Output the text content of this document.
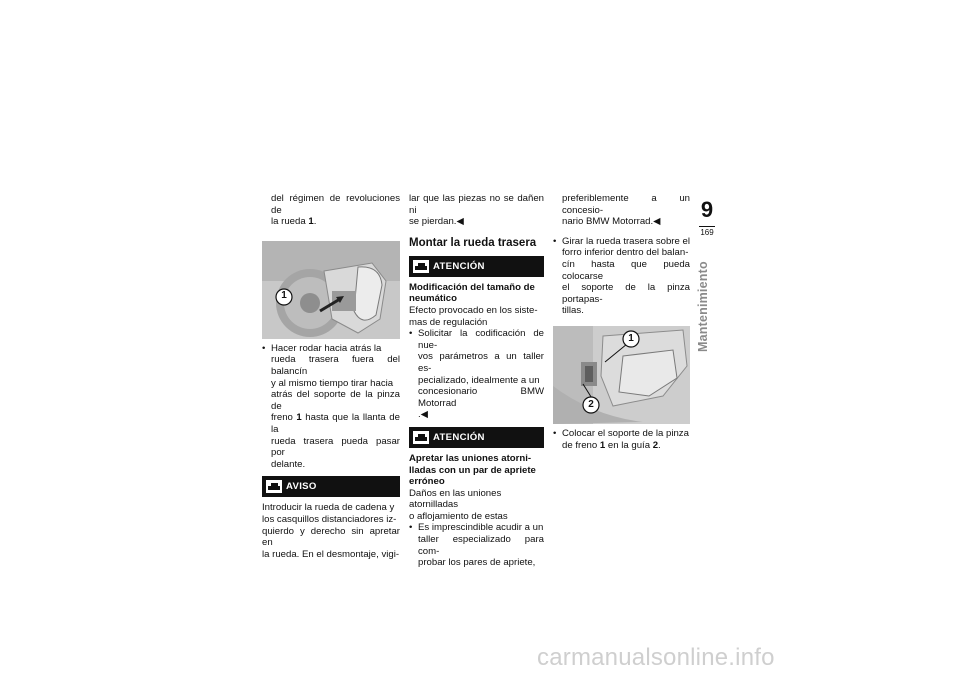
del régimen de revoluciones de

la rueda 1.

1

• Hacer rodar hacia atrás la

rueda trasera fuera del balancín

y al mismo tiempo tirar hacia

atrás del soporte de la pinza de

freno 1 hasta que la llanta de la

rueda trasera pueda pasar por

delante.

AVISO

Introducir la rueda de cadena y

los casquillos distanciadores iz-

quierdo y derecho sin apretar en

la rueda. En el desmontaje, vigi-

lar que las piezas no se dañen ni

se pierdan.◀

Montar la rueda trasera
ATENCIÓN

Modificación del tamaño de

neumático

Efecto provocado en los siste-

mas de regulación

• Solicitar la codificación de nue-

vos parámetros a un taller es-

pecializado, idealmente a un

concesionario BMW Motorrad

.◀

ATENCIÓN

Apretar las uniones atorni-

lladas con un par de apriete

erróneo

Daños en las uniones atornilladas

o aflojamiento de estas

• Es imprescindible acudir a un

taller especializado para com-

probar los pares de apriete,

preferiblemente a un concesio-

nario BMW Motorrad.◀

• Girar la rueda trasera sobre el

forro inferior dentro del balan-

cín hasta que pueda colocarse

el soporte de la pinza portapas-

tillas.

1
2

• Colocar el soporte de la pinza

de freno 1 en la guía 2.

9
169
Mantenimiento
carmanualsonline.info
